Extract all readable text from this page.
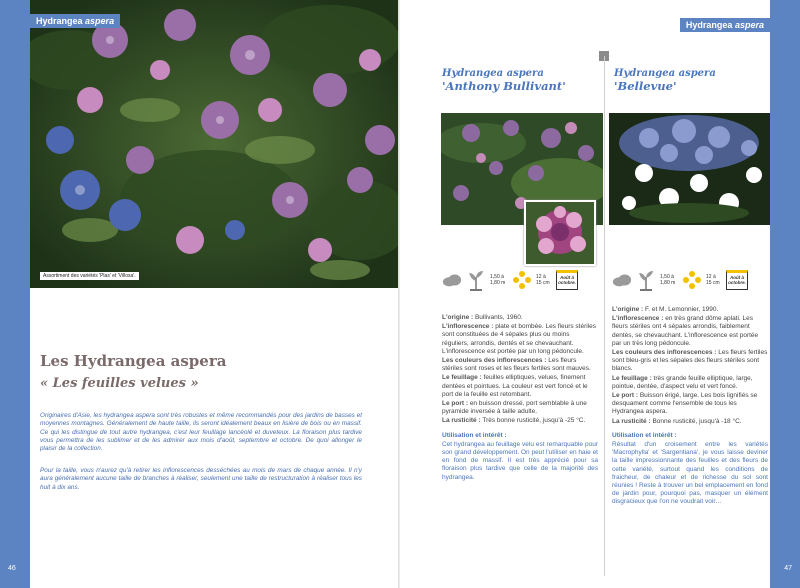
Hydrangea aspera
Assortiment des variétés 'Plas' et 'Villosa'.
Les Hydrangea aspera
« Les feuilles velues »
Originaires d'Asie, les hydrangea aspera sont très robustes et même recommandés pour des jardins de basses et moyennes montagnes. Généralement de haute taille, ils seront idéalement beaux en lisière de bois ou en massif. Ce qui les distingue de tout autre hydrangea, c'est leur feuillage lancéolé et duveteux. La floraison plus tardive vous permettra de les sublimer et de les admirer aux mois d'août, septembre et octobre. De quoi allonger le plaisir de la collection.
Pour la taille, vous n'aurez qu'à retirer les inflorescences desséchées au mois de mars de chaque année. Il n'y aura généralement aucune taille de branches à réaliser, seulement une taille de restructuration à réaliser tous les huit à dix ans.
46
Hydrangea aspera
47
Hydrangea aspera
'Anthony Bullivant'
1,50 à 1,80 m
12 à 15 cm
Août à octobre.

L'origine : Bullivants, 1960.

L'inflorescence : plate et bombée. Les fleurs stériles sont constituées de 4 sépales plus ou moins réguliers, arrondis, dentés et se chevauchant. L'inflorescence est portée par un long pédoncule.

Les couleurs des inflorescences : Les fleurs stériles sont roses et les fleurs fertiles sont mauves.

Le feuillage : feuilles elliptiques, velues, finement dentées et pointues. La couleur est vert foncé et le port de la feuille est retombant.

Le port : en buisson dressé, port semblable à une pyramide inversée à taille adulte.

La rusticité : Très bonne rusticité, jusqu'à -25 °C.

Utilisation et intérêt :

Cet hydrangea au feuillage velu est remarquable pour son grand développement. On peut l'utiliser en haie et en fond de massif. Il est très apprécié pour sa floraison plus tardive que celle de la majorité des hydrangea.

Hydrangea aspera
'Bellevue'
1,50 à 1,80 m
12 à 15 cm
Août à octobre.

L'origine : F. et M. Lemonnier, 1990.

L'inflorescence : en très grand dôme aplati. Les fleurs stériles ont 4 sépales arrondis, faiblement dentés, se chevauchant. L'inflorescence est portée par un très long pédoncule.

Les couleurs des inflorescences : Les fleurs fertiles sont bleu-gris et les sépales des fleurs stériles sont blancs.

Le feuillage : très grande feuille elliptique, large, pointue, dentée, d'aspect velu et vert foncé.

Le port : Buisson érigé, large. Les bois lignifiés se desquament comme l'ensemble de tous les Hydrangea aspera.

La rusticité : Bonne rusticité, jusqu'à -18 °C.

Utilisation et intérêt :

Résultat d'un croisement entre les variétés 'Macrophylla' et 'Sargentiana', je vous laisse deviner la taille impressionnante des feuilles et des fleurs de cette variété, surtout quand les conditions de fraicheur, de chaleur et de richesse du sol sont réunies ! Reste à trouver un bel emplacement en fond de jardin pour, pourquoi pas, masquer un élément disgracieux que l'on ne voudrait voir…
